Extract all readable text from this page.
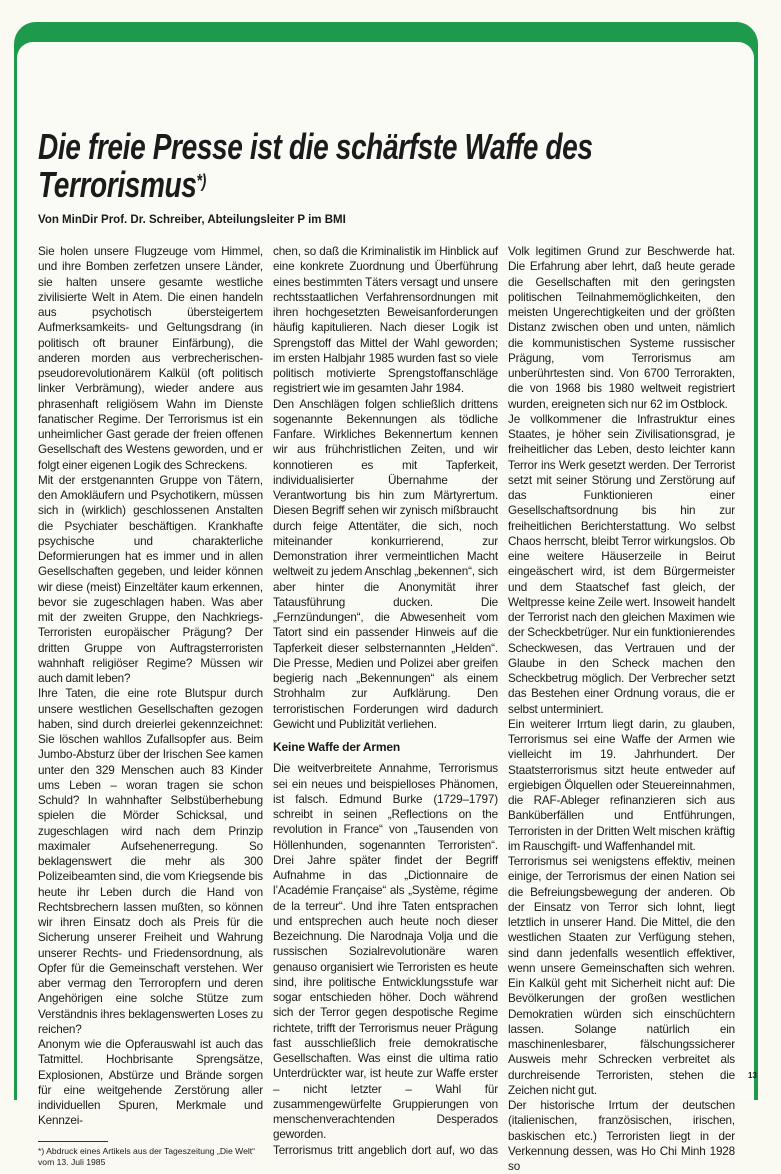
Die freie Presse ist die schärfste Waffe des Terrorismus*)

Von MinDir Prof. Dr. Schreiber, Abteilungsleiter P im BMI

Sie holen unsere Flugzeuge vom Himmel, und ihre Bomben zerfetzen unsere Länder, sie halten unsere gesamte westliche zivilisierte Welt in Atem. Die einen handeln aus psychotisch übersteigertem Aufmerksamkeits- und Geltungsdrang (in politisch oft brauner Einfärbung), die anderen morden aus verbrecherischen-pseudorevolutionärem Kalkül (oft politisch linker Verbrämung), wieder andere aus phrasenhaft religiösem Wahn im Dienste fanatischer Regime. Der Terrorismus ist ein unheimlicher Gast gerade der freien offenen Gesellschaft des Westens geworden, und er folgt einer eigenen Logik des Schreckens.

Mit der erstgenannten Gruppe von Tätern, den Amokläufern und Psychotikern, müssen sich in (wirklich) geschlossenen Anstalten die Psychiater beschäftigen. Krankhafte psychische und charakterliche Deformierungen hat es immer und in allen Gesellschaften gegeben, und leider können wir diese (meist) Einzeltäter kaum erkennen, bevor sie zugeschlagen haben. Was aber mit der zweiten Gruppe, den Nachkriegs-Terroristen europäischer Prägung? Der dritten Gruppe von Auftragsterroristen wahnhaft religiöser Regime? Müssen wir auch damit leben?

Ihre Taten, die eine rote Blutspur durch unsere westlichen Gesellschaften gezogen haben, sind durch dreierlei gekennzeichnet: Sie löschen wahllos Zufallsopfer aus. Beim Jumbo-Absturz über der Irischen See kamen unter den 329 Menschen auch 83 Kinder ums Leben – woran tragen sie schon Schuld? In wahnhafter Selbstüberhebung spielen die Mörder Schicksal, und zugeschlagen wird nach dem Prinzip maximaler Aufsehenerregung. So beklagenswert die mehr als 300 Polizeibeamten sind, die vom Kriegsende bis heute ihr Leben durch die Hand von Rechtsbrechern lassen mußten, so können wir ihren Einsatz doch als Preis für die Sicherung unserer Freiheit und Wahrung unserer Rechts- und Friedensordnung, als Opfer für die Gemeinschaft verstehen. Wer aber vermag den Terroropfern und deren Angehörigen eine solche Stütze zum Verständnis ihres beklagenswerten Loses zu reichen?

Anonym wie die Opferauswahl ist auch das Tatmittel. Hochbrisante Sprengsätze, Explosionen, Abstürze und Brände sorgen für eine weitgehende Zerstörung aller individuellen Spuren, Merkmale und Kennzei-

*) Abdruck eines Artikels aus der Tageszeitung „Die Welt“ vom 13. Juli 1985

chen, so daß die Kriminalistik im Hinblick auf eine konkrete Zuordnung und Überführung eines bestimmten Täters versagt und unsere rechtsstaatlichen Verfahrensordnungen mit ihren hochgesetzten Beweisanforderungen häufig kapitulieren. Nach dieser Logik ist Sprengstoff das Mittel der Wahl geworden; im ersten Halbjahr 1985 wurden fast so viele politisch motivierte Sprengstoffanschläge registriert wie im gesamten Jahr 1984.

Den Anschlägen folgen schließlich drittens sogenannte Bekennungen als tödliche Fanfare. Wirkliches Bekennertum kennen wir aus frühchristlichen Zeiten, und wir konnotieren es mit Tapferkeit, individualisierter Übernahme der Verantwortung bis hin zum Märtyrertum. Diesen Begriff sehen wir zynisch mißbraucht durch feige Attentäter, die sich, noch miteinander konkurrierend, zur Demonstration ihrer vermeintlichen Macht weltweit zu jedem Anschlag „bekennen“, sich aber hinter die Anonymität ihrer Tatausführung ducken. Die „Fernzündungen“, die Abwesenheit vom Tatort sind ein passender Hinweis auf die Tapferkeit dieser selbsternannten „Helden“. Die Presse, Medien und Polizei aber greifen begierig nach „Bekennungen“ als einem Strohhalm zur Aufklärung. Den terroristischen Forderungen wird dadurch Gewicht und Publizität verliehen.

Keine Waffe der Armen

Die weitverbreitete Annahme, Terrorismus sei ein neues und beispielloses Phänomen, ist falsch. Edmund Burke (1729–1797) schreibt in seinen „Reflections on the revolution in France“ von „Tausenden von Höllenhunden, sogenannten Terroristen“. Drei Jahre später findet der Begriff Aufnahme in das „Dictionnaire de l’Académie Française“ als „Système, régime de la terreur“. Und ihre Taten entsprachen und entsprechen auch heute noch dieser Bezeichnung. Die Narodnaja Volja und die russischen Sozialrevolutionäre waren genauso organisiert wie Terroristen es heute sind, ihre politische Entwicklungsstufe war sogar entschieden höher. Doch während sich der Terror gegen despotische Regime richtete, trifft der Terrorismus neuer Prägung fast ausschließlich freie demokratische Gesellschaften. Was einst die ultima ratio Unterdrückter war, ist heute zur Waffe erster – nicht letzter – Wahl für zusammengewürfelte Gruppierungen von menschenverachtenden Desperados geworden.

Terrorismus tritt angeblich dort auf, wo das

Volk legitimen Grund zur Beschwerde hat. Die Erfahrung aber lehrt, daß heute gerade die Gesellschaften mit den geringsten politischen Teilnahmemöglichkeiten, den meisten Ungerechtigkeiten und der größten Distanz zwischen oben und unten, nämlich die kommunistischen Systeme russischer Prägung, vom Terrorismus am unberührtesten sind. Von 6700 Terrorakten, die von 1968 bis 1980 weltweit registriert wurden, ereigneten sich nur 62 im Ostblock.

Je vollkommener die Infrastruktur eines Staates, je höher sein Zivilisationsgrad, je freiheitlicher das Leben, desto leichter kann Terror ins Werk gesetzt werden. Der Terrorist setzt mit seiner Störung und Zerstörung auf das Funktionieren einer Gesellschaftsordnung bis hin zur freiheitlichen Berichterstattung. Wo selbst Chaos herrscht, bleibt Terror wirkungslos. Ob eine weitere Häuserzeile in Beirut eingeäschert wird, ist dem Bürgermeister und dem Staatschef fast gleich, der Weltpresse keine Zeile wert. Insoweit handelt der Terrorist nach den gleichen Maximen wie der Scheckbetrüger. Nur ein funktionierendes Scheckwesen, das Vertrauen und der Glaube in den Scheck machen den Scheckbetrug möglich. Der Verbrecher setzt das Bestehen einer Ordnung voraus, die er selbst unterminiert.

Ein weiterer Irrtum liegt darin, zu glauben, Terrorismus sei eine Waffe der Armen wie vielleicht im 19. Jahrhundert. Der Staatsterrorismus sitzt heute entweder auf ergiebigen Ölquellen oder Steuereinnahmen, die RAF-Ableger refinanzieren sich aus Banküberfällen und Entführungen, Terroristen in der Dritten Welt mischen kräftig im Rauschgift- und Waffenhandel mit.

Terrorismus sei wenigstens effektiv, meinen einige, der Terrorismus der einen Nation sei die Befreiungsbewegung der anderen. Ob der Einsatz von Terror sich lohnt, liegt letztlich in unserer Hand. Die Mittel, die den westlichen Staaten zur Verfügung stehen, sind dann jedenfalls wesentlich effektiver, wenn unsere Gemeinschaften sich wehren. Ein Kalkül geht mit Sicherheit nicht auf: Die Bevölkerungen der großen westlichen Demokratien würden sich einschüchtern lassen. Solange natürlich ein maschinenlesbarer, fälschungssicherer Ausweis mehr Schrecken verbreitet als durchreisende Terroristen, stehen die Zeichen nicht gut.

Der historische Irrtum der deutschen (italienischen, französischen, irischen, baskischen etc.) Terroristen liegt in der Verkennung dessen, was Ho Chi Minh 1928 so

13
